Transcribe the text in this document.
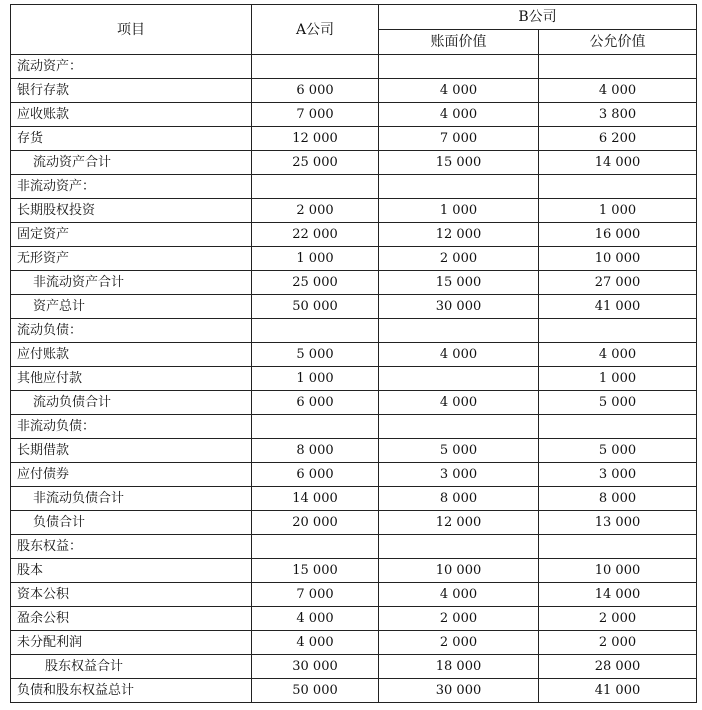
项目	A公司	B公司	
		账面价值	公允价值
流动资产：			
银行存款	6 000	4 000	4 000
应收账款	7 000	4 000	3 800
存货	12 000	7 000	6 200
流动资产合计	25 000	15 000	14 000
非流动资产：			
长期股权投资	2 000	1 000	1 000
固定资产	22 000	12 000	16 000
无形资产	1 000	2 000	10 000
非流动资产合计	25 000	15 000	27 000
资产总计	50 000	30 000	41 000
流动负债：			
应付账款	5 000	4 000	4 000
其他应付款	1 000		1 000
流动负债合计	6 000	4 000	5 000
非流动负债：			
长期借款	8 000	5 000	5 000
应付债券	6 000	3 000	3 000
非流动负债合计	14 000	8 000	8 000
负债合计	20 000	12 000	13 000
股东权益：			
股本	15 000	10 000	10 000
资本公积	7 000	4 000	14 000
盈余公积	4 000	2 000	2 000
未分配利润	4 000	2 000	2 000
股东权益合计	30 000	18 000	28 000
负债和股东权益总计	50 000	30 000	41 000
